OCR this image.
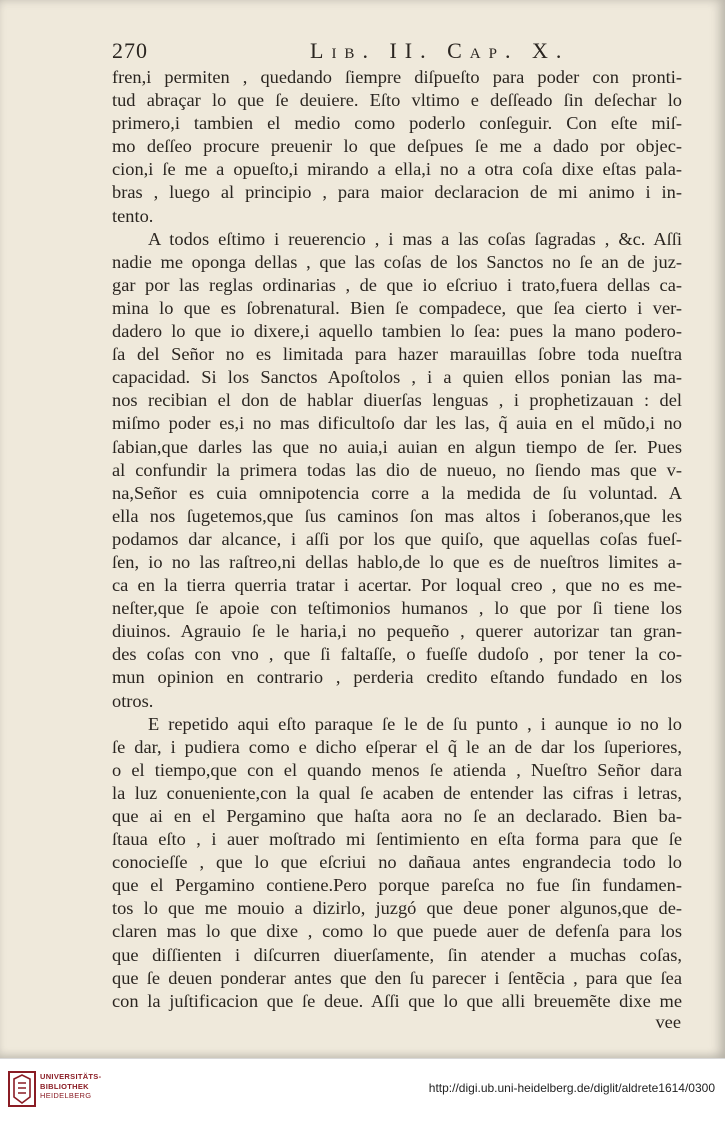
270	Lib. II. Cap. X.
fren,i permiten , quedando ſiempre diſpueſto para poder con pronti-
tud abraçar lo que ſe deuiere. Eſto vltimo e deſſeado ſin deſechar lo
primero,i tambien el medio como poderlo conſeguir. Con eſte miſ-
mo deſſeo procure preuenir lo que deſpues ſe me a dado por objec-
cion,i ſe me a opueſto,i mirando a ella,i no a otra coſa dixe eſtas pala-
bras , luego al principio , para maior declaracion de mi animo i in-
tento.
A todos eſtimo i reuerencio , i mas a las coſas ſagradas , &c. Aſſi
nadie me oponga dellas , que las coſas de los Sanctos no ſe an de juz-
gar por las reglas ordinarias , de que io eſcriuo i trato,fuera dellas ca-
mina lo que es ſobrenatural. Bien ſe compadece, que ſea cierto i ver-
dadero lo que io dixere,i aquello tambien lo ſea: pues la mano podero-
ſa del Señor no es limitada para hazer marauillas ſobre toda nueſtra
capacidad. Si los Sanctos Apoſtolos , i a quien ellos ponian las ma-
nos recibian el don de hablar diuerſas lenguas , i prophetizauan : del
miſmo poder es,i no mas dificultoſo dar les las, q̃ auia en el mũdo,i no
ſabian,que darles las que no auia,i auian en algun tiempo de ſer. Pues
al confundir la primera todas las dio de nueuo, no ſiendo mas que v-
na,Señor es cuia omnipotencia corre a la medida de ſu voluntad. A
ella nos ſugetemos,que ſus caminos ſon mas altos i ſoberanos,que les
podamos dar alcance, i aſſi por los que quiſo, que aquellas coſas fueſ-
ſen, io no las raſtreo,ni dellas hablo,de lo que es de nueſtros limites a-
ca en la tierra querria tratar i acertar. Por loqual creo , que no es me-
neſter,que ſe apoie con teſtimonios humanos , lo que por ſi tiene los
diuinos. Agrauio ſe le haria,i no pequeño , querer autorizar tan gran-
des coſas con vno , que ſi faltaſſe, o fueſſe dudoſo , por tener la co-
mun opinion en contrario , perderia credito eſtando fundado en los
otros.
E repetido aqui eſto paraque ſe le de ſu punto , i aunque io no lo
ſe dar, i pudiera como e dicho eſperar el q̃ le an de dar los ſuperiores,
o el tiempo,que con el quando menos ſe atienda , Nueſtro Señor dara
la luz conueniente,con la qual ſe acaben de entender las cifras i letras,
que ai en el Pergamino que haſta aora no ſe an declarado. Bien ba-
ſtaua eſto , i auer moſtrado mi ſentimiento en eſta forma para que ſe
conocieſſe , que lo que eſcriui no dañaua antes engrandecia todo lo
que el Pergamino contiene.Pero porque pareſca no fue ſin fundamen-
tos lo que me mouio a dizirlo, juzgó que deue poner algunos,que de-
claren mas lo que dixe , como lo que puede auer de defenſa para los
que diſſienten i diſcurren diuerſamente, ſin atender a muchas coſas,
que ſe deuen ponderar antes que den ſu parecer i ſentẽcia , para que ſea
con la juſtificacion que ſe deue. Aſſi que lo que alli breuemẽte dixe me
vee
UNIVERSITÄTS-
BIBLIOTHEK
HEIDELBERG
http://digi.ub.uni-heidelberg.de/diglit/aldrete1614/0300
